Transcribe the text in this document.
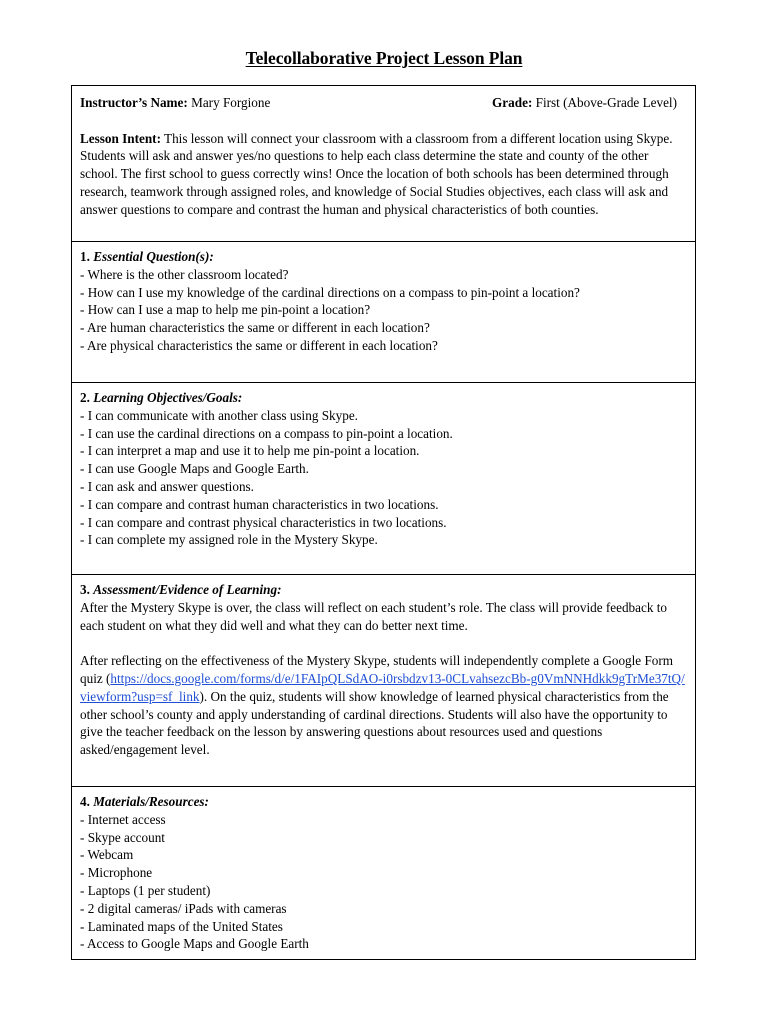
Telecollaborative Project Lesson Plan
Instructor’s Name: Mary Forgione	Grade: First (Above-Grade Level)

Lesson Intent: This lesson will connect your classroom with a classroom from a different location using Skype. Students will ask and answer yes/no questions to help each class determine the state and county of the other school. The first school to guess correctly wins! Once the location of both schools has been determined through research, teamwork through assigned roles, and knowledge of Social Studies objectives, each class will ask and answer questions to compare and contrast the human and physical characteristics of both counties.

1. Essential Question(s):
- Where is the other classroom located?
- How can I use my knowledge of the cardinal directions on a compass to pin-point a location?
- How can I use a map to help me pin-point a location?
- Are human characteristics the same or different in each location?
- Are physical characteristics the same or different in each location?
2. Learning Objectives/Goals:
- I can communicate with another class using Skype.
- I can use the cardinal directions on a compass to pin-point a location.
- I can interpret a map and use it to help me pin-point a location.
- I can use Google Maps and Google Earth.
- I can ask and answer questions.
- I can compare and contrast human characteristics in two locations.
- I can compare and contrast physical characteristics in two locations.
- I can complete my assigned role in the Mystery Skype.
3. Assessment/Evidence of Learning:

After the Mystery Skype is over, the class will reflect on each student’s role. The class will provide feedback to each student on what they did well and what they can do better next time.

After reflecting on the effectiveness of the Mystery Skype, students will independently complete a Google Form quiz (https://docs.google.com/forms/d/e/1FAIpQLSdAO-i0rsbdzv13-0CLvahsezcBb-g0VmNNHdkk9gTrMe37tQ/viewform?usp=sf_link). On the quiz, students will show knowledge of learned physical characteristics from the other school’s county and apply understanding of cardinal directions. Students will also have the opportunity to give the teacher feedback on the lesson by answering questions about resources used and questions asked/engagement level.

4. Materials/Resources:
- Internet access
- Skype account
- Webcam
- Microphone
- Laptops (1 per student)
- 2 digital cameras/ iPads with cameras
- Laminated maps of the United States
- Access to Google Maps and Google Earth
